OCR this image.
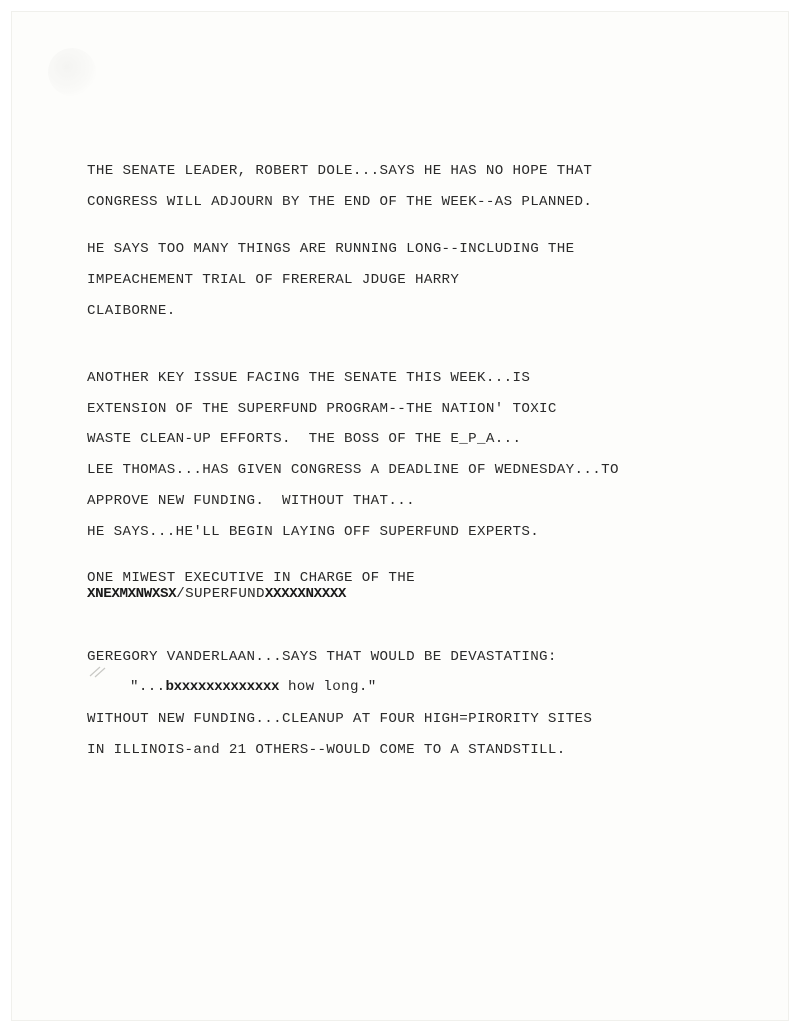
THE SENATE LEADER, ROBERT DOLE...SAYS HE HAS NO HOPE THAT

CONGRESS WILL ADJOURN BY THE END OF THE WEEK--AS PLANNED.

HE SAYS TOO MANY THINGS ARE RUNNING LONG--INCLUDING THE

IMPEACHEMENT TRIAL OF FRERERAL JDUGE HARRY

CLAIBORNE.

ANOTHER KEY ISSUE FACING THE SENATE THIS WEEK...IS

EXTENSION OF THE SUPERFUND PROGRAM--THE NATION' TOXIC

WASTE CLEAN-UP EFFORTS.  THE BOSS OF THE E_P_A...

LEE THOMAS...HAS GIVEN CONGRESS A DEADLINE OF WEDNESDAY...TO

APPROVE NEW FUNDING.  WITHOUT THAT...

HE SAYS...HE'LL BEGIN LAYING OFF SUPERFUND EXPERTS.

ONE MIWEST EXECUTIVE IN CHARGE OF THE

XNEXMXNWXSX/SUPERFUNDXXXXXNXXXX

GEREGORY VANDERLAAN...SAYS THAT WOULD BE DEVASTATING:

"...bxxxxxxxxxxxxx how long."

WITHOUT NEW FUNDING...CLEANUP AT FOUR HIGH=PIRORITY SITES

IN ILLINOIS-and 21 OTHERS--WOULD COME TO A STANDSTILL.
